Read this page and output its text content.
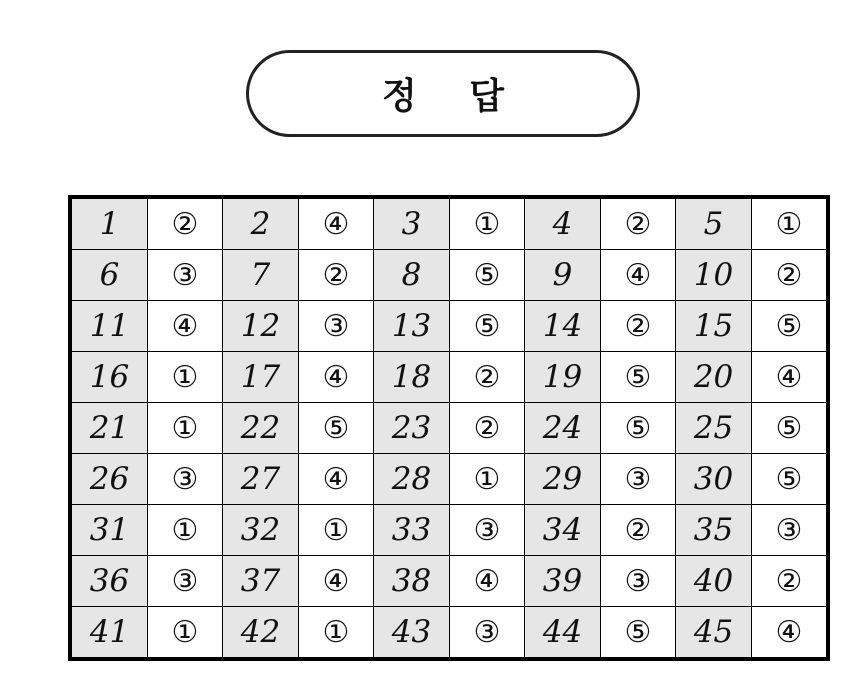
정 답
1	②	2	④	3	①	4	②	5	①
6	③	7	②	8	⑤	9	④	10	②
11	④	12	③	13	⑤	14	②	15	⑤
16	①	17	④	18	②	19	⑤	20	④
21	①	22	⑤	23	②	24	⑤	25	⑤
26	③	27	④	28	①	29	③	30	⑤
31	①	32	①	33	③	34	②	35	③
36	③	37	④	38	④	39	③	40	②
41	①	42	①	43	③	44	⑤	45	④
